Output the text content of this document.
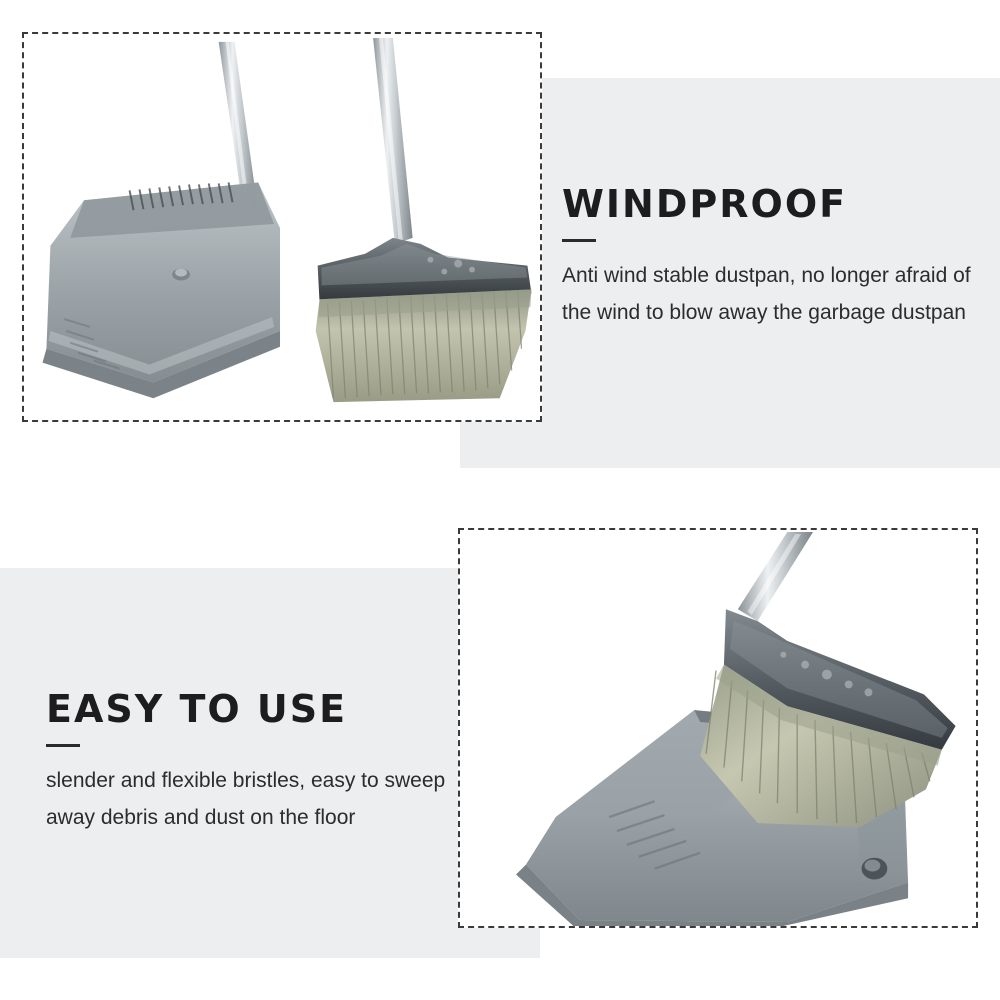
WINDPROOF

Anti wind stable dustpan, no longer afraid of the wind to blow away the garbage dustpan

EASY TO USE

slender and flexible bristles, easy to sweep away debris and dust on the floor
